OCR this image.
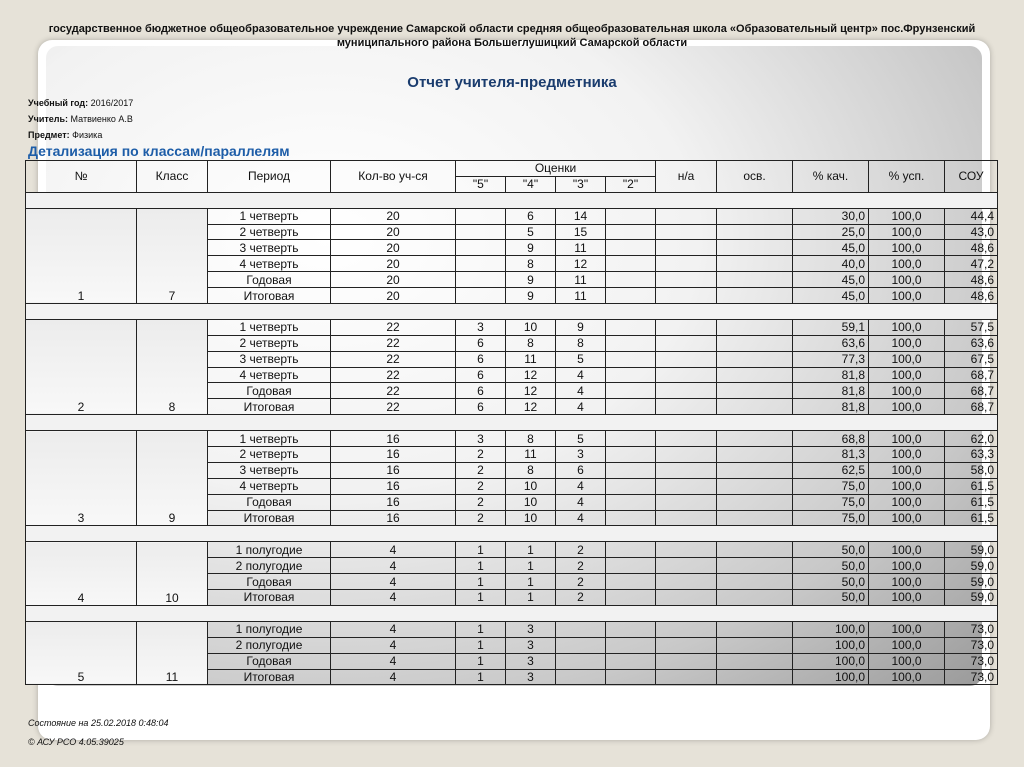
государственное бюджетное общеобразовательное учреждение Самарской области средняя общеобразовательная школа «Образовательный центр» пос.Фрунзенский
муниципального района Большеглушицкий Самарской области
Отчет учителя-предметника
Учебный год: 2016/2017
Учитель: Матвиенко А.В
Предмет: Физика
Детализация по классам/параллелям
№	Класс	Период	Кол-во уч-ся	Оценки				н/а	осв.	% кач.	% усп.	СОУ
				"5"	"4"	"3"	"2"					

1	7	1 четверть	20		6	14				30,0	100,0	44,4
		2 четверть	20		5	15				25,0	100,0	43,0
		3 четверть	20		9	11				45,0	100,0	48,6
		4 четверть	20		8	12				40,0	100,0	47,2
		Годовая	20		9	11				45,0	100,0	48,6
		Итоговая	20		9	11				45,0	100,0	48,6

2	8	1 четверть	22	3	10	9				59,1	100,0	57,5
		2 четверть	22	6	8	8				63,6	100,0	63,6
		3 четверть	22	6	11	5				77,3	100,0	67,5
		4 четверть	22	6	12	4				81,8	100,0	68,7
		Годовая	22	6	12	4				81,8	100,0	68,7
		Итоговая	22	6	12	4				81,8	100,0	68,7

3	9	1 четверть	16	3	8	5				68,8	100,0	62,0
		2 четверть	16	2	11	3				81,3	100,0	63,3
		3 четверть	16	2	8	6				62,5	100,0	58,0
		4 четверть	16	2	10	4				75,0	100,0	61,5
		Годовая	16	2	10	4				75,0	100,0	61,5
		Итоговая	16	2	10	4				75,0	100,0	61,5

4	10	1 полугодие	4	1	1	2				50,0	100,0	59,0
		2 полугодие	4	1	1	2				50,0	100,0	59,0
		Годовая	4	1	1	2				50,0	100,0	59,0
		Итоговая	4	1	1	2				50,0	100,0	59,0

5	11	1 полугодие	4	1	3					100,0	100,0	73,0
		2 полугодие	4	1	3					100,0	100,0	73,0
		Годовая	4	1	3					100,0	100,0	73,0
		Итоговая	4	1	3					100,0	100,0	73,0
Состояние на 25.02.2018 0:48:04
© АСУ РСО 4.05.39025
